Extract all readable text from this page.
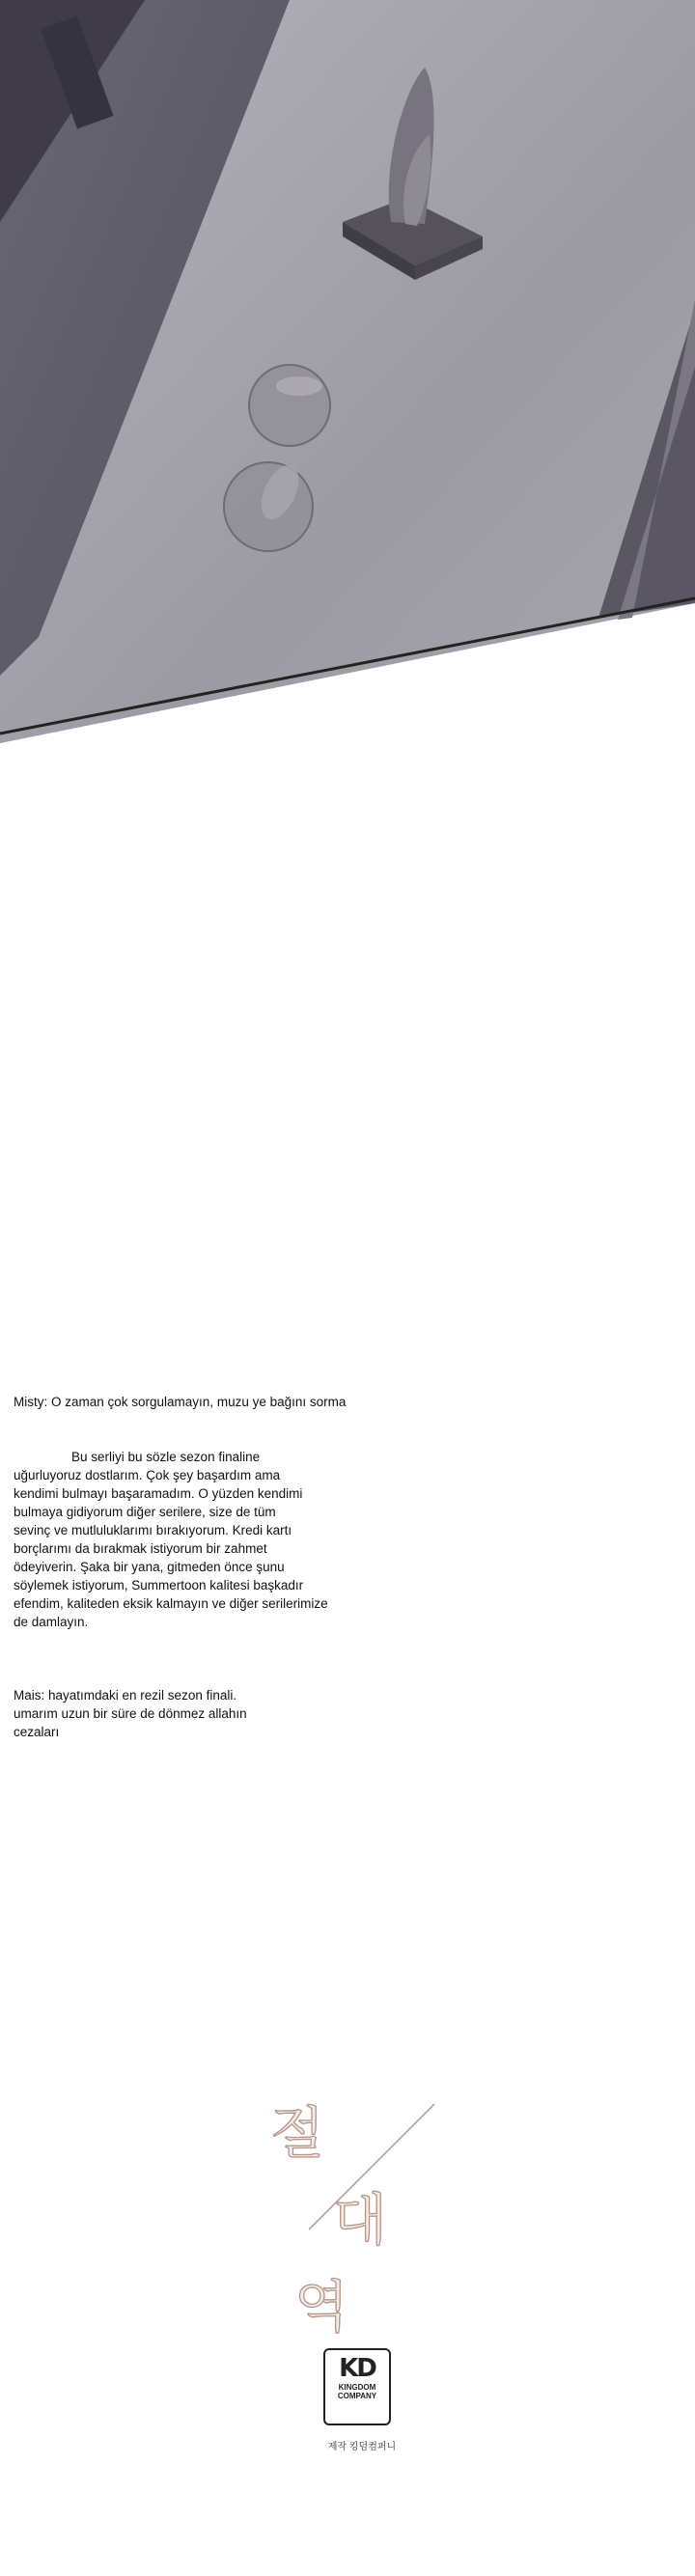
Misty: O zaman çok sorgulamayın, muzu ye bağını sorma
Bu serliyi bu sözle sezon finaline
uğurluyoruz dostlarım. Çok şey başardım ama
kendimi bulmayı başaramadım. O yüzden kendimi
bulmaya gidiyorum diğer serilere, size de tüm
sevinç ve mutluluklarımı bırakıyorum. Kredi kartı
borçlarımı da bırakmak istiyorum bir zahmet
ödeyiverin. Şaka bir yana, gitmeden önce şunu
söylemek istiyorum, Summertoon kalitesi başkadır
efendim, kaliteden eksik kalmayın ve diğer serilerimize
de damlayın.
Mais: hayatımdaki en rezil sezon finali.
umarım uzun bir süre de dönmez allahın
cezaları
절
대
역
KD
KINGDOM
COMPANY
제작 킹덤컴퍼니
